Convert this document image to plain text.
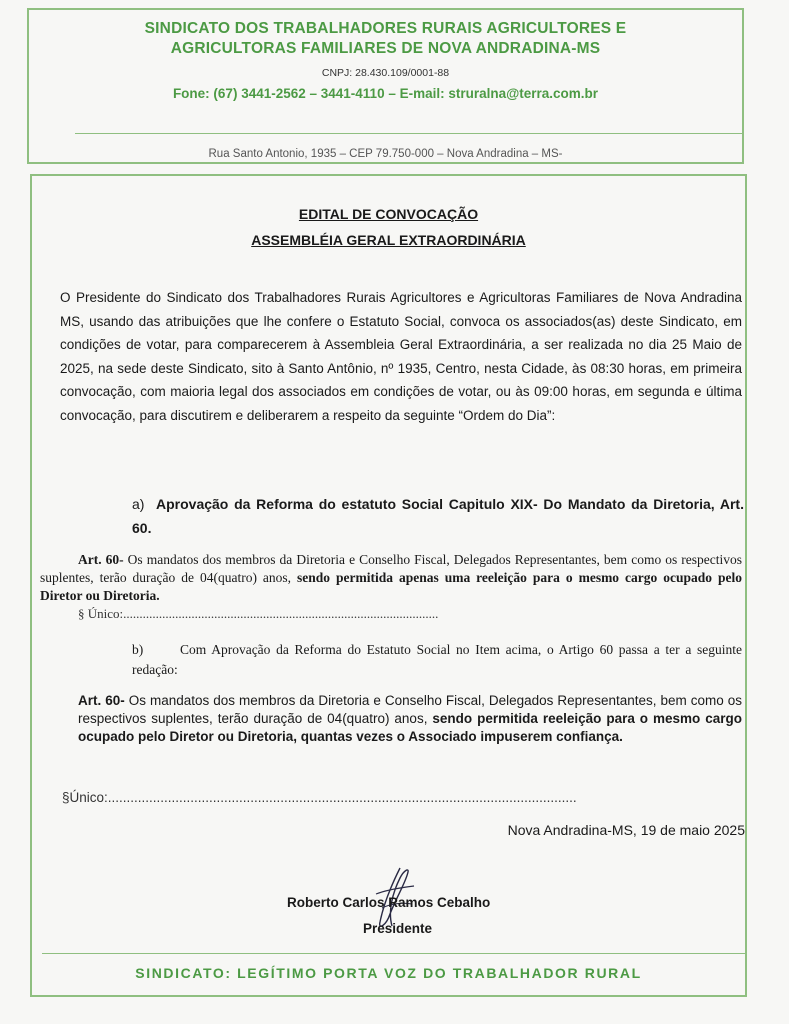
SINDICATO DOS TRABALHADORES RURAIS AGRICULTORES E
AGRICULTORAS FAMILIARES DE NOVA ANDRADINA-MS
CNPJ: 28.430.109/0001-88
Fone: (67) 3441-2562 – 3441-4110 – E-mail: struralna@terra.com.br
Rua Santo Antonio, 1935 – CEP 79.750-000 – Nova Andradina – MS-
EDITAL DE CONVOCAÇÃO
ASSEMBLÉIA GERAL EXTRAORDINÁRIA
O Presidente do Sindicato dos Trabalhadores Rurais Agricultores e Agricultoras Familiares de Nova Andradina MS, usando das atribuições que lhe confere o Estatuto Social, convoca os associados(as) deste Sindicato, em condições de votar, para comparecerem à Assembleia Geral Extraordinária, a ser realizada no dia 25 Maio de 2025, na sede deste Sindicato, sito à Santo Antônio, nº 1935, Centro, nesta Cidade, às 08:30 horas, em primeira convocação, com maioria legal dos associados em condições de votar, ou às 09:00 horas, em segunda e última convocação, para discutirem e deliberarem a respeito da seguinte “Ordem do Dia”:
a) Aprovação da Reforma do estatuto Social Capitulo XIX- Do Mandato da Diretoria, Art. 60.
Art. 60- Os mandatos dos membros da Diretoria e Conselho Fiscal, Delegados Representantes, bem como os respectivos suplentes, terão duração de 04(quatro) anos, sendo permitida apenas uma reeleição para o mesmo cargo ocupado pelo Diretor ou Diretoria.
§ Único:.................................................................................................
b)	Com Aprovação da Reforma do Estatuto Social no Item acima, o Artigo 60 passa a ter a seguinte redação:
Art. 60- Os mandatos dos membros da Diretoria e Conselho Fiscal, Delegados Representantes, bem como os respectivos suplentes, terão duração de 04(quatro) anos, sendo permitida reeleição para o mesmo cargo ocupado pelo Diretor ou Diretoria, quantas vezes o Associado impuserem confiança.
§Único:.............................................................................................................................
Nova Andradina-MS, 19 de maio 2025
Roberto Carlos Ramos Cebalho
Presidente
SINDICATO: LEGÍTIMO PORTA VOZ DO TRABALHADOR RURAL
